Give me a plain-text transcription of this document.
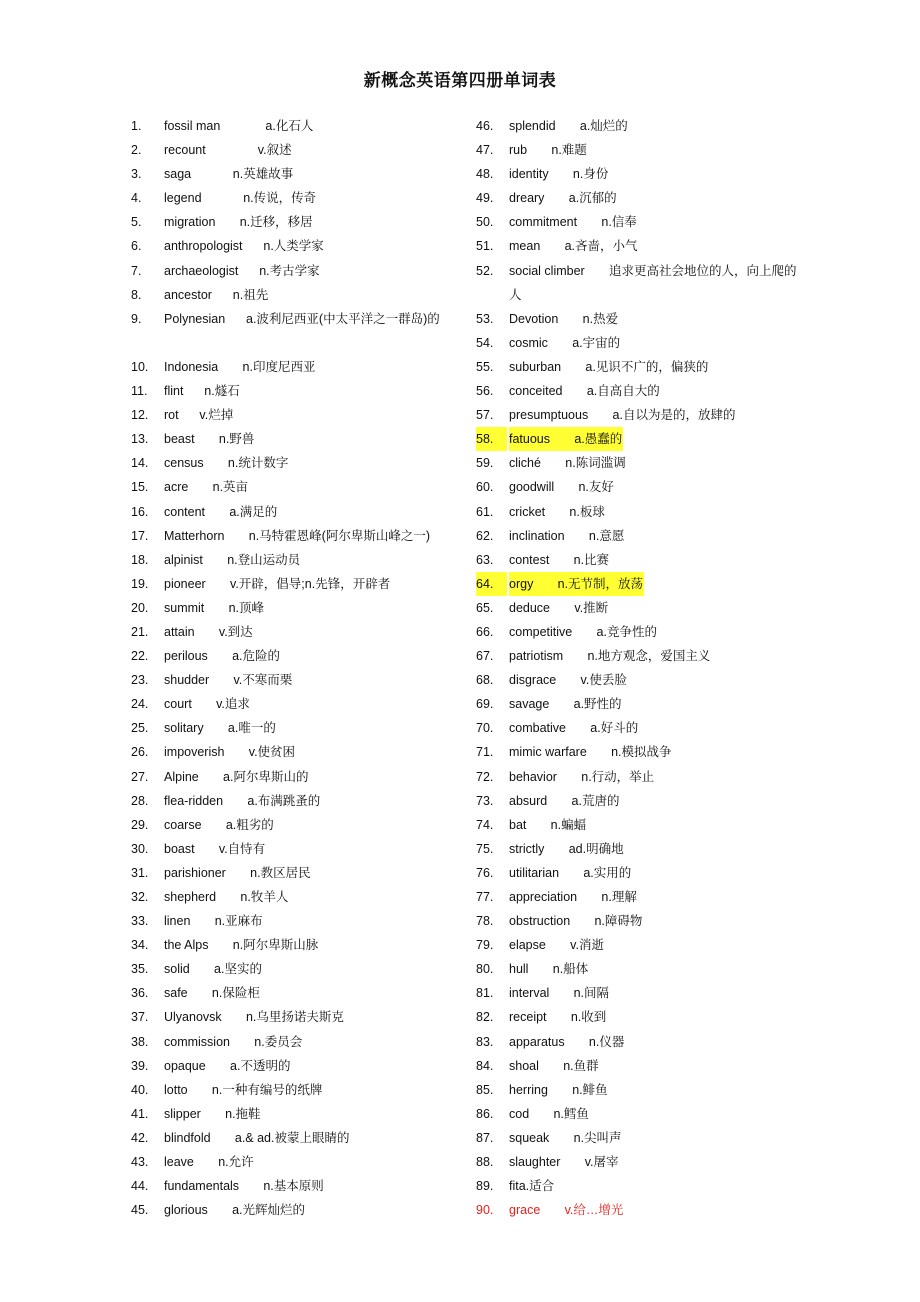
新概念英语第四册单词表
1.	fossil man             a.化石人
2.	recount               v.叙述
3.	saga            n.英雄故事
4.	legend            n.传说，传奇
5.	migration       n.迁移，移居
6.	anthropologist      n.人类学家
7.	archaeologist      n.考古学家
8.	ancestor      n.祖先
9.	Polynesian      a.波利尼西亚(中太平洋之一群岛)的
10.	Indonesia       n.印度尼西亚
11.	flint      n.燧石
12.	rot      v.烂掉
13.	beast       n.野兽
14.	census       n.统计数字
15.	acre       n.英亩
16.	content       a.满足的
17.	Matterhorn       n.马特霍恩峰(阿尔卑斯山峰之一)
18.	alpinist       n.登山运动员
19.	pioneer       v.开辟，倡导;n.先锋，开辟者
20.	summit       n.顶峰
21.	attain       v.到达
22.	perilous       a.危险的
23.	shudder       v.不寒而栗
24.	court       v.追求
25.	solitary       a.唯一的
26.	impoverish       v.使贫困
27.	Alpine       a.阿尔卑斯山的
28.	flea-ridden       a.布满跳蚤的
29.	coarse       a.粗劣的
30.	boast       v.自恃有
31.	parishioner       n.教区居民
32.	shepherd       n.牧羊人
33.	linen       n.亚麻布
34.	the Alps       n.阿尔卑斯山脉
35.	solid       a.坚实的
36.	safe       n.保险柜
37.	Ulyanovsk       n.乌里扬诺夫斯克
38.	commission       n.委员会
39.	opaque       a.不透明的
40.	lotto       n.一种有编号的纸牌
41.	slipper       n.拖鞋
42.	blindfold       a.& ad.被蒙上眼睛的
43.	leave       n.允许
44.	fundamentals       n.基本原则
45.	glorious       a.光辉灿烂的
46.	splendid       a.灿烂的
47.	rub       n.难题
48.	identity       n.身份
49.	dreary       a.沉郁的
50.	commitment       n.信奉
51.	mean       a.吝啬，小气
52.	social climber       追求更高社会地位的人，向上爬的人
53.	Devotion       n.热爱
54.	cosmic       a.宇宙的
55.	suburban       a.见识不广的，偏狭的
56.	conceited       a.自高自大的
57.	presumptuous       a.自以为是的，放肆的
58.	fatuous       a.愚蠢的
59.	cliché       n.陈词滥调
60.	goodwill       n.友好
61.	cricket       n.板球
62.	inclination       n.意愿
63.	contest       n.比赛
64.	orgy       n.无节制，放荡
65.	deduce       v.推断
66.	competitive       a.竞争性的
67.	patriotism       n.地方观念，爱国主义
68.	disgrace       v.使丢脸
69.	savage       a.野性的
70.	combative       a.好斗的
71.	mimic warfare       n.模拟战争
72.	behavior       n.行动，举止
73.	absurd       a.荒唐的
74.	bat       n.蝙蝠
75.	strictly       ad.明确地
76.	utilitarian       a.实用的
77.	appreciation       n.理解
78.	obstruction       n.障碍物
79.	elapse       v.消逝
80.	hull       n.船体
81.	interval       n.间隔
82.	receipt       n.收到
83.	apparatus       n.仪器
84.	shoal       n.鱼群
85.	herring       n.鲱鱼
86.	cod       n.鳕鱼
87.	squeak       n.尖叫声
88.	slaughter       v.屠宰
89.	fita.适合
90.	grace       v.给…增光
